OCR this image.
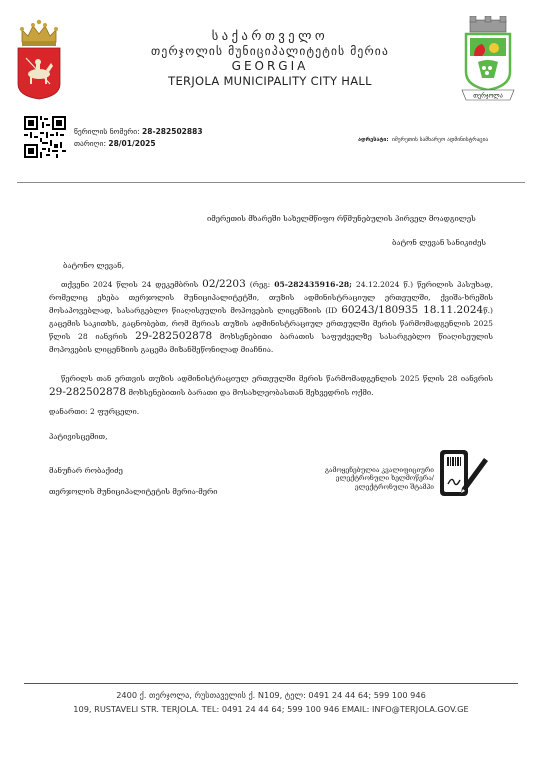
საქართველო
თერჯოლის მუნიციპალიტეტის მერია
GEORGIA
TERJOLA MUNICIPALITY CITY HALL
თერჯოლა
წერილის ნომერი: 28-282502883
თარიღი: 28/01/2025	ადრესატი: იმერეთის სამხარეო ადმინისტრაცია
იმერეთის მხარეში სახელმწიფო რწმუნებულის პირველ მოადგილეს
ბატონ ლევან სანიკიძეს
ბატონო ლევან,

თქვენი 2024 წლის 24 დეკემბრის 02/2203 (რეგ: 05-282435916-28; 24.12.2024 წ.) წერილის პასუხად, რომელიც ეხება თერჯოლის მუნიციპალიტეტში, თუზის ადმინისტრაციულ ერთეულში, ქვიშა-ხრეშის მოსაპოვებლად, სასარგებლო წიაღისეულის მოპოვების ლიცენზიის (ID 60243/180935 18.11.2024წ.) გაცემის საკითხს, გაცნობებთ, რომ მერიას თუზის ადმინისტრაციულ ერთეულში მერის წარმომადგენლის 2025 წლის 28 იანვრის 29-282502878 მოხსენებითი ბარათის საფუძველზე სასარგებლო წიაღისეულის მოპოვების ლიცენზიის გაცემა მიზანშეწონილად მიაჩნია.

წერილს თან ერთვის თუზის ადმინისტრაციულ ერთეულში მერის წარმომადგენლის 2025 წლის 28 იანვრის 29-282502878 მოხსენებითის ბარათი და მოსახლეობასთან შეხვედრის ოქმი.

დანართი: 2 ფურცელი.
პატივისცემით,
მანუჩარ რობაქიძე
თერჯოლის მუნიციპალიტეტის მერია-მერი
გამოყენებულია კვალიფიციური
ელექტრონული ხელმოწერა/
ელექტრონული შტამპი
2400 ქ. თერჯოლა, რუსთაველის ქ. N109, ტელ: 0491 24 44 64; 599 100 946
109, RUSTAVELI STR. TERJOLA. TEL: 0491 24 44 64; 599 100 946 EMAIL: INFO@TERJOLA.GOV.GE
